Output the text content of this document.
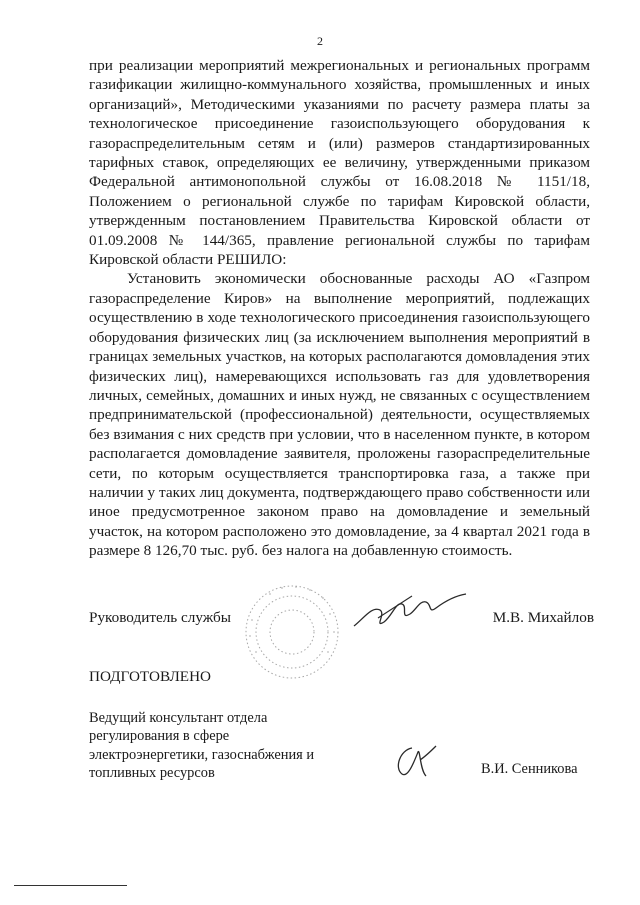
2

при реализации мероприятий межрегиональных и региональных программ газификации жилищно-коммунального хозяйства, промышленных и иных организаций», Методическими указаниями по расчету размера платы за технологическое присоединение газоиспользующего оборудования к газораспределительным сетям и (или) размеров стандартизированных тарифных ставок, определяющих ее величину, утвержденными приказом Федеральной антимонопольной службы от 16.08.2018 № 1151/18, Положением о региональной службе по тарифам Кировской области, утвержденным постановлением Правительства Кировской области от 01.09.2008 № 144/365, правление региональной службы по тарифам Кировской области РЕШИЛО:

Установить экономически обоснованные расходы АО «Газпром газораспределение Киров» на выполнение мероприятий, подлежащих осуществлению в ходе технологического присоединения газоиспользующего оборудования физических лиц (за исключением выполнения мероприятий в границах земельных участков, на которых располагаются домовладения этих физических лиц), намеревающихся использовать газ для удовлетворения личных, семейных, домашних и иных нужд, не связанных с осуществлением предпринимательской (профессиональной) деятельности, осуществляемых без взимания с них средств при условии, что в населенном пункте, в котором располагается домовладение заявителя, проложены газораспределительные сети, по которым осуществляется транспортировка газа, а также при наличии у таких лиц документа, подтверждающего право собственности или иное предусмотренное законом право на домовладение и земельный участок, на котором расположено это домовладение, за 4 квартал 2021 года в размере 8 126,70 тыс. руб. без налога на добавленную стоимость.

Руководитель службы	М.В. Михайлов
ПОДГОТОВЛЕНО
Ведущий консультант отдела
регулирования в сфере
электроэнергетики, газоснабжения и
топливных ресурсов	В.И. Сенникова
